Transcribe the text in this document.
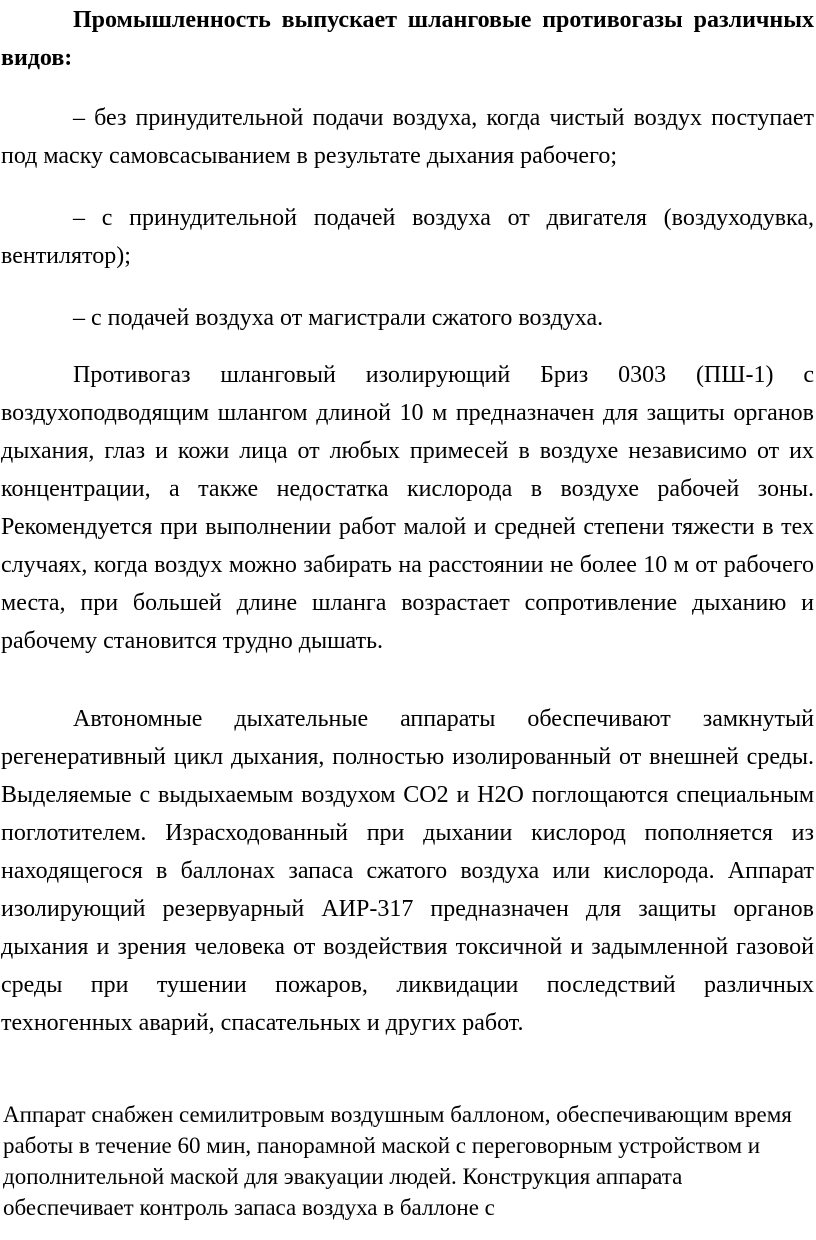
Промышленность выпускает шланговые противогазы различных видов:

– без принудительной подачи воздуха, когда чистый воздух поступает под маску самовсасыванием в результате дыхания рабочего;

– с принудительной подачей воздуха от двигателя (воздуходувка, вентилятор);

– с подачей воздуха от магистрали сжатого воздуха.

Противогаз шланговый изолирующий Бриз 0303 (ПШ-1) с воздухоподводящим шлангом длиной 10 м предназначен для защиты органов дыхания, глаз и кожи лица от любых примесей в воздухе независимо от их концентрации, а также недостатка кислорода в воздухе рабочей зоны. Рекомендуется при выполнении работ малой и средней степени тяжести в тех случаях, когда воздух можно забирать на расстоянии не более 10 м от рабочего места, при большей длине шланга возрастает сопротивление дыханию и рабочему становится трудно дышать.

Автономные дыхательные аппараты обеспечивают замкнутый регенеративный цикл дыхания, полностью изолированный от внешней среды. Выделяемые с выдыхаемым воздухом СО2 и Н2О поглощаются специальным поглотителем. Израсходованный при дыхании кислород пополняется из находящегося в баллонах запаса сжатого воздуха или кислорода. Аппарат изолирующий резервуарный АИР-317 предназначен для защиты органов дыхания и зрения человека от воздействия токсичной и задымленной газовой среды при тушении пожаров, ликвидации последствий различных техногенных аварий, спасательных и других работ.

Аппарат снабжен семилитровым воздушным баллоном, обеспечивающим время работы в течение 60 мин, панорамной маской с переговорным устройством и дополнительной маской для эвакуации людей. Конструкция аппарата обеспечивает контроль запаса воздуха в баллоне с
